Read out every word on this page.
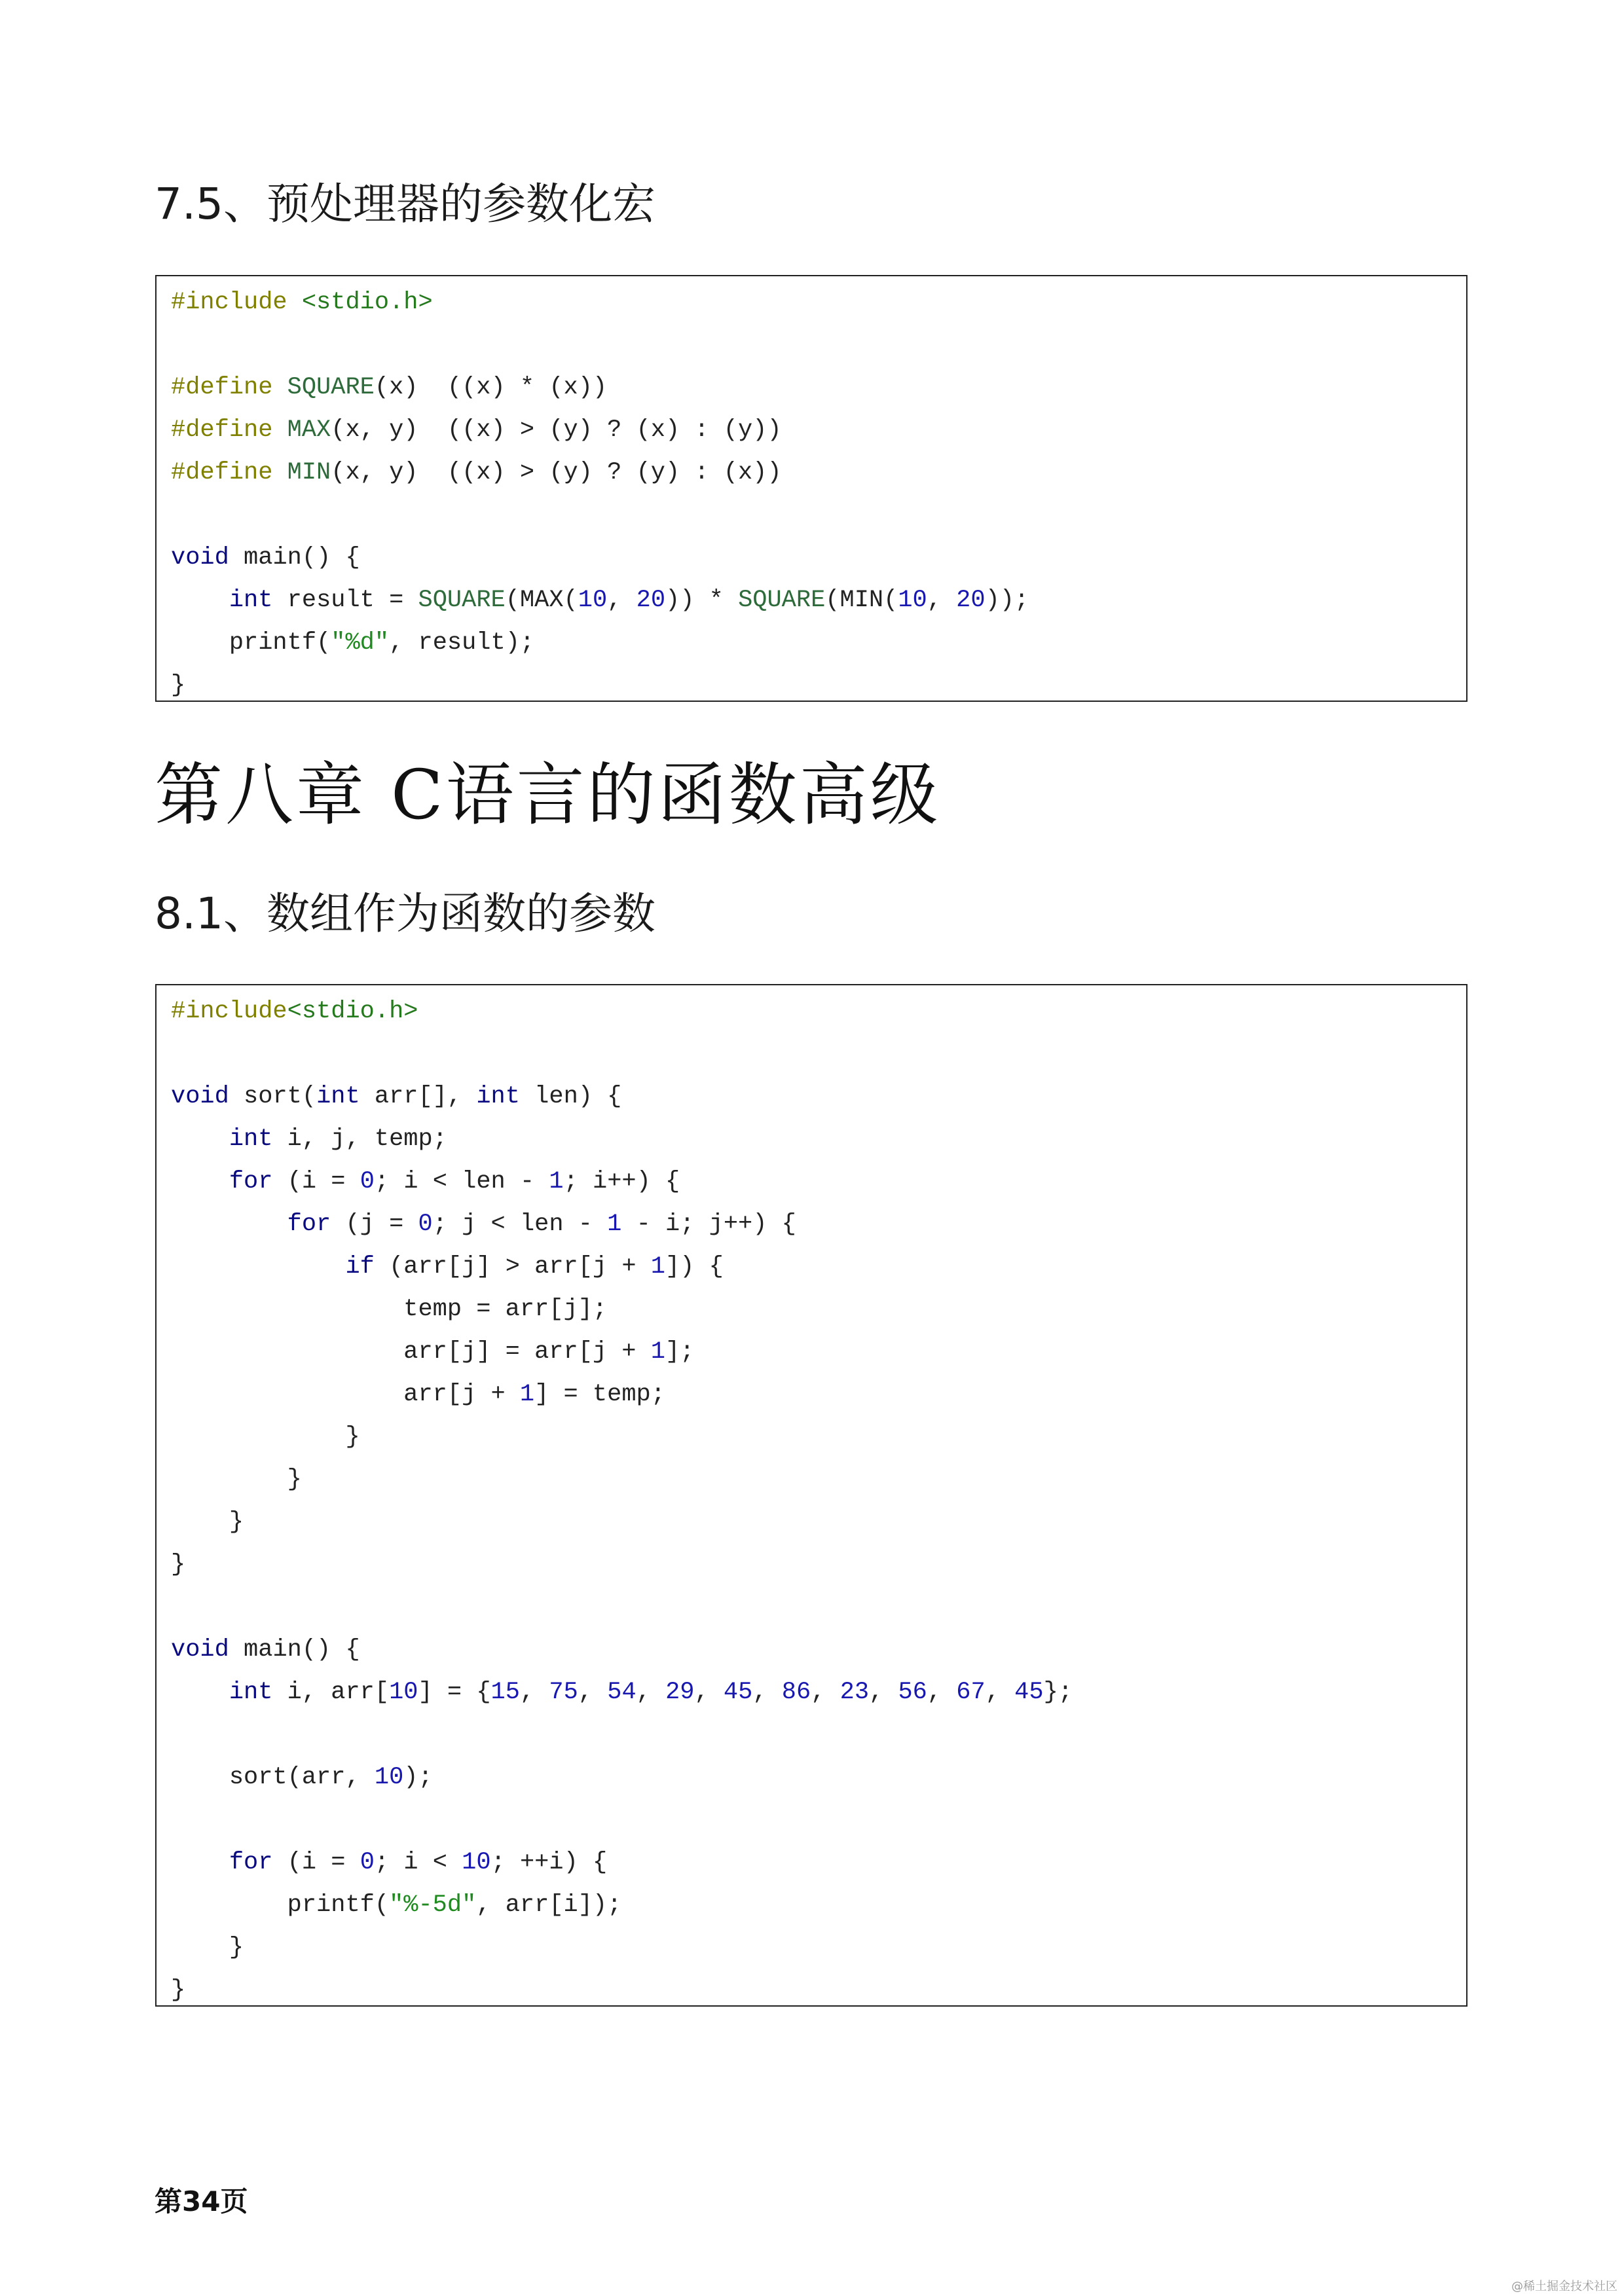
7.5、预处理器的参数化宏
#include <stdio.h>
#define SQUARE(x)  ((x) * (x))
#define MAX(x, y)  ((x) > (y) ? (x) : (y))
#define MIN(x, y)  ((x) > (y) ? (y) : (x))
void main() {
int result = SQUARE(MAX(10, 20)) * SQUARE(MIN(10, 20));
printf("%d", result);
}
第八章 C语言的函数高级
8.1、数组作为函数的参数
#include<stdio.h>
void sort(int arr[], int len) {
int i, j, temp;
for (i = 0; i < len - 1; i++) {
for (j = 0; j < len - 1 - i; j++) {
if (arr[j] > arr[j + 1]) {
temp = arr[j];
arr[j] = arr[j + 1];
arr[j + 1] = temp;
}
}
}
}
void main() {
int i, arr[10] = {15, 75, 54, 29, 45, 86, 23, 56, 67, 45};
sort(arr, 10);
for (i = 0; i < 10; ++i) {
printf("%-5d", arr[i]);
}
}
第34页
@稀土掘金技术社区
